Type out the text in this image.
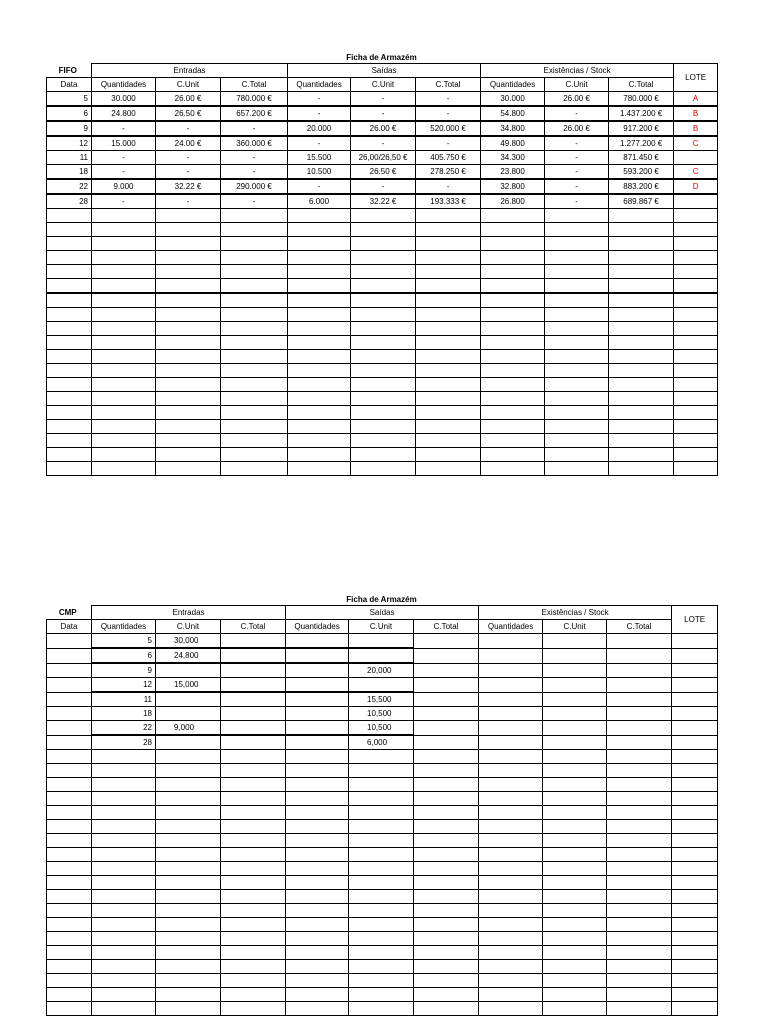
Ficha de Armazém
FIFO	Entradas			Saídas			Existências / Stock			LOTE
Data	Quantidades	C.Unit	C.Total	Quantidades	C.Unit	C.Total	Quantidades	C.Unit	C.Total	
5	30.000	26.00 €	780.000 €	-	-	-	30.000	26.00 €	780.000 €	A
6	24.800	26.50 €	657.200 €	-	-	-	54.800	-	1.437.200 €	B
9	-	-	-	20.000	26.00 €	520.000 €	34.800	26.00 €	917.200 €	B
12	15.000	24.00 €	360.000 €	-	-	-	49.800	-	1.277.200 €	C
11	-	-	-	15.500	26,00/26,50 €	405.750 €	34.300	-	871.450 €	
18	-	-	-	10.500	26.50 €	278.250 €	23.800	-	593.200 €	C
22	9.000	32.22 €	290.000 €	-	-	-	32.800	-	883.200 €	D
28	-	-	-	6.000	32.22 €	193.333 €	26.800	-	689.867 €	

Ficha de Armazém
CMP	Entradas			Saídas			Existências / Stock			LOTE
Data	Quantidades	C.Unit	C.Total	Quantidades	C.Unit	C.Total	Quantidades	C.Unit	C.Total	
	5	30,000								
	6	24,800								
	9				20,000					
	12	15,000								
	11				15,500					
	18				10,500					
	22	9,000			10,500					
	28				6,000					
